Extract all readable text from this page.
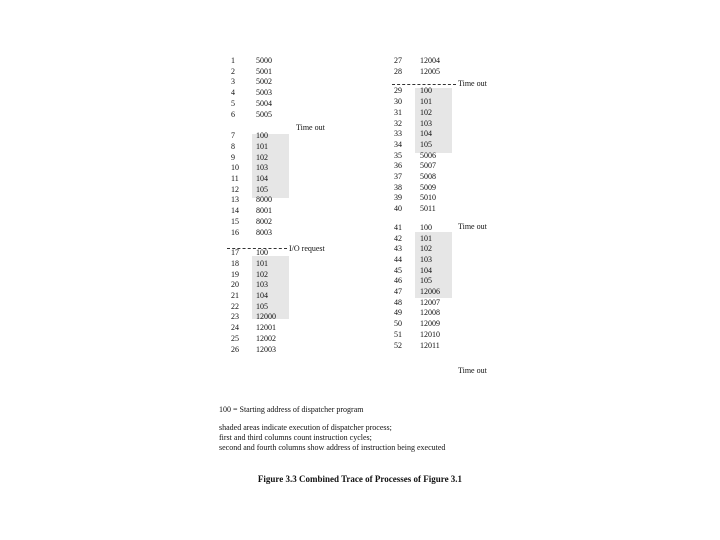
1	5000
2	5001
3	5002
4	5003
5	5004
6	5005
7	100
8	101
9	102
10 103
11 104
12 105
13 8000
14 8001
15 8002
16 8003
17 100
18 101
19 102
20 103
21 104
22 105
23 12000
24 12001
25 12002
26 12003
27 12004
28 12005
29 100
30 101
31 102
32 103
33 104
34 105
35 5006
36 5007
37 5008
38 5009
39 5010
40 5011
41 100
42 101
43 102
44 103
45 104
46 105
47 12006
48 12007
49 12008
50 12009
51 12010
52 12011
Time out
I/O request
Time out
Time out
Time out
100 = Starting address of dispatcher program
shaded areas indicate execution of dispatcher process;
first and third columns count instruction cycles;
second and fourth columns show address of instruction being executed
Figure 3.3 Combined Trace of Processes of Figure 3.1
